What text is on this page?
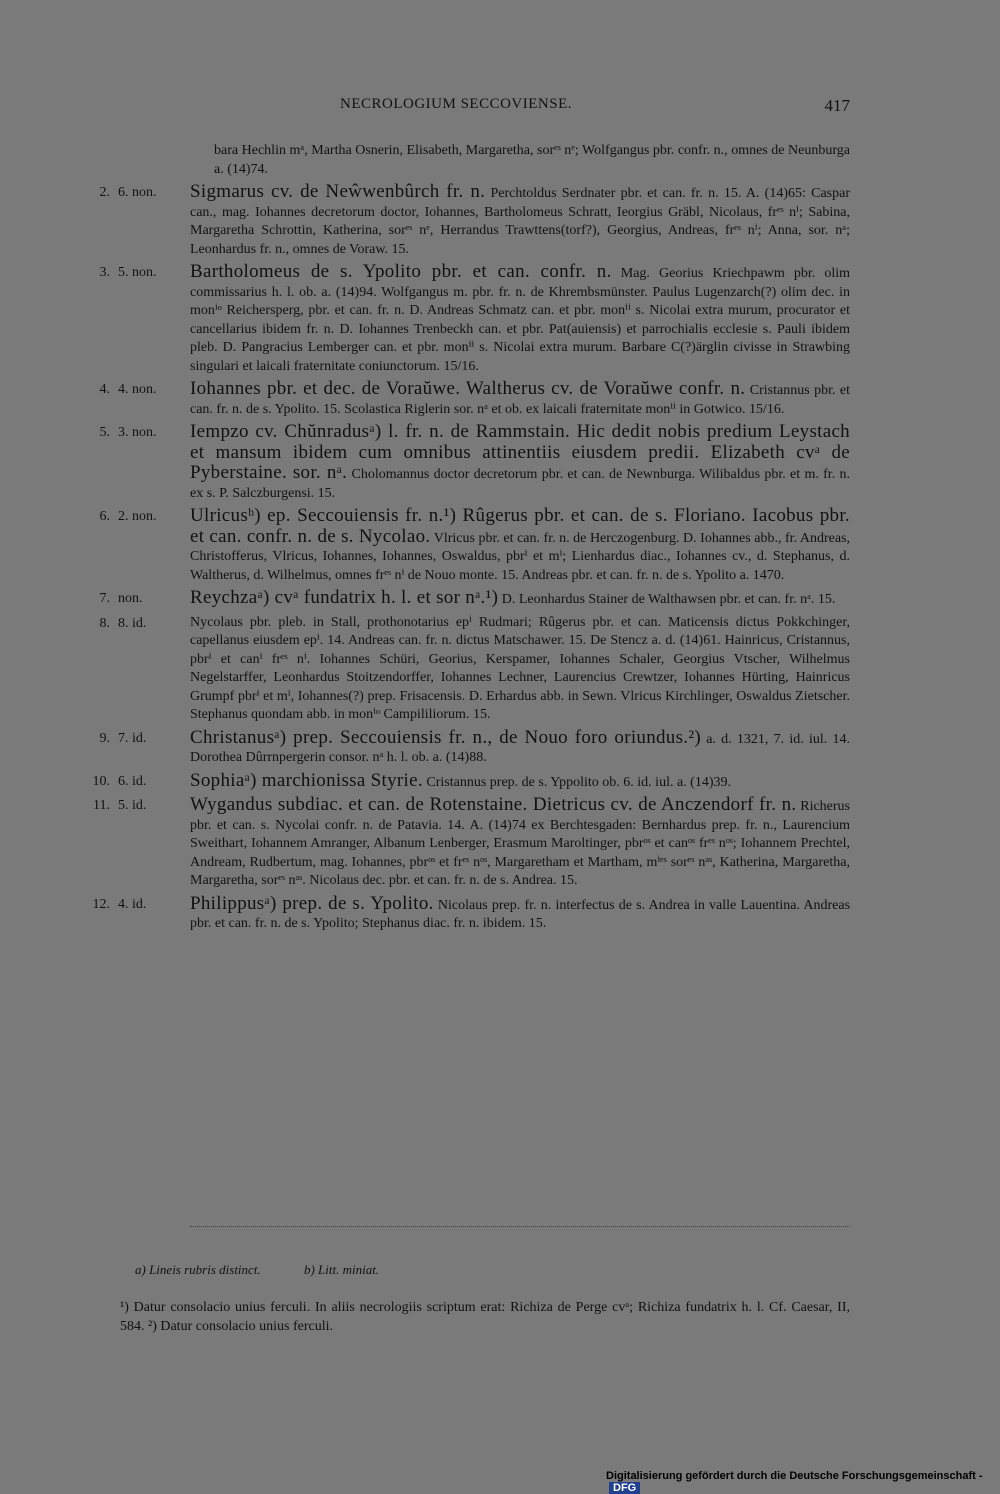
NECROLOGIUM SECCOVIENSE.	417
bara Hechlin mᵃ, Martha Osnerin, Elisabeth, Margaretha, sorᵉˢ nᵉ; Wolfgangus pbr. confr. n., omnes de Neunburga a. (14)74.
2. 6. non.	Sigmarus cv. de Neŵwenbûrch fr. n. Perchtoldus Serdnater pbr. et can. fr. n. 15. A. (14)65: Caspar can., mag. Iohannes decretorum doctor, Iohannes, Bartholomeus Schratt, Ieorgius Gräbl, Nicolaus, frᵉˢ nⁱ; Sabina, Margaretha Schrottin, Katherina, sorᵉˢ nᵉ, Herrandus Trawttens(torf?), Georgius, Andreas, frᵉˢ nⁱ; Anna, sor. nᵃ; Leonhardus fr. n., omnes de Voraw. 15.
3. 5. non.	Bartholomeus de s. Ypolito pbr. et can. confr. n. Mag. Georius Kriechpawm pbr. olim commissarius h. l. ob. a. (14)94. Wolfgangus m. pbr. fr. n. de Khrembsmünster. Paulus Lugenzarch(?) olim dec. in monⁱᵒ Reichersperg, pbr. et can. fr. n. D. Andreas Schmatz can. et pbr. monⁱⁱ s. Nicolai extra murum, procurator et cancellarius ibidem fr. n. D. Iohannes Trenbeckh can. et pbr. Pat(auiensis) et parrochialis ecclesie s. Pauli ibidem pleb. D. Pangracius Lemberger can. et pbr. monⁱⁱ s. Nicolai extra murum. Barbare C(?)ärglin civisse in Strawbing singulari et laicali fraternitate coniunctorum. 15/16.
4. 4. non.	Iohannes pbr. et dec. de Voraŭwe. Waltherus cv. de Voraŭwe confr. n. Cristannus pbr. et can. fr. n. de s. Ypolito. 15. Scolastica Riglerin sor. nᵃ et ob. ex laicali fraternitate monⁱⁱ in Gotwico. 15/16.
5. 3. non.	Iempzo cv. Chŭnradusᵃ) l. fr. n. de Rammstain. Hic dedit nobis predium Leystach et mansum ibidem cum omnibus attinentiis eiusdem predii. Elizabeth cvᵃ de Pyberstaine. sor. nᵃ. Cholomannus doctor decretorum pbr. et can. de Newnburga. Wilibaldus pbr. et m. fr. n. ex s. P. Salczburgensi. 15.
6. 2. non.	Ulricusᵇ) ep. Seccouiensis fr. n.¹) Rûgerus pbr. et can. de s. Floriano. Iacobus pbr. et can. confr. n. de s. Nycolao. Vlricus pbr. et can. fr. n. de Herczogenburg. D. Iohannes abb., fr. Andreas, Christofferus, Vlricus, Iohannes, Iohannes, Oswaldus, pbrⁱ et mⁱ; Lienhardus diac., Iohannes cv., d. Stephanus, d. Waltherus, d. Wilhelmus, omnes frᵉˢ nⁱ de Nouo monte. 15. Andreas pbr. et can. fr. n. de s. Ypolito a. 1470.
7. non.	Reychzaᵃ) cvᵃ fundatrix h. l. et sor nᵃ.¹) D. Leonhardus Stainer de Walthawsen pbr. et can. fr. nᵃ. 15.
8. 8. id.	Nycolaus pbr. pleb. in Stall, prothonotarius epⁱ Rudmari; Rûgerus pbr. et can. Maticensis dictus Pokkchinger, capellanus eiusdem epⁱ. 14. Andreas can. fr. n. dictus Matschawer. 15. De Stencz a. d. (14)61. Hainricus, Cristannus, pbrⁱ et canⁱ frᵉˢ nⁱ. Iohannes Schüri, Georius, Kerspamer, Iohannes Schaler, Georgius Vtscher, Wilhelmus Negelstarffer, Leonhardus Stoitzendorffer, Iohannes Lechner, Laurencius Crewtzer, Iohannes Hürting, Hainricus Grumpf pbrⁱ et mⁱ, Iohannes(?) prep. Frisacensis. D. Erhardus abb. in Sewn. Vlricus Kirchlinger, Oswaldus Zietscher. Stephanus quondam abb. in monⁱᵒ Campililiorum. 15.
9. 7. id.	Christanusᵃ) prep. Seccouiensis fr. n., de Nouo foro oriundus.²) a. d. 1321, 7. id. iul. 14. Dorothea Dûrrnpergerin consor. nᵃ h. l. ob. a. (14)88.
10. 6. id.	Sophiaᵃ) marchionissa Styrie. Cristannus prep. de s. Yppolito ob. 6. id. iul. a. (14)39.
11. 5. id.	Wygandus subdiac. et can. de Rotenstaine. Dietricus cv. de Anczendorf fr. n. Richerus pbr. et can. s. Nycolai confr. n. de Patavia. 14. A. (14)74 ex Berchtesgaden: Bernhardus prep. fr. n., Laurencium Sweithart, Iohannem Amranger, Albanum Lenberger, Erasmum Maroltinger, pbrᵒˢ et canᵒˢ frᵉˢ nᵒˢ; Iohannem Prechtel, Andream, Rudbertum, mag. Iohannes, pbrᵒˢ et frᵉˢ nᵒˢ, Margaretham et Martham, mⁱᵉˢ sorᵉˢ nᵃˢ, Katherina, Margaretha, Margaretha, sorᵉˢ nᵃˢ. Nicolaus dec. pbr. et can. fr. n. de s. Andrea. 15.
12. 4. id.	Philippusᵃ) prep. de s. Ypolito. Nicolaus prep. fr. n. interfectus de s. Andrea in valle Lauentina. Andreas pbr. et can. fr. n. de s. Ypolito; Stephanus diac. fr. n. ibidem. 15.
a) Lineis rubris distinct.	b) Litt. miniat.
¹) Datur consolacio unius ferculi. In aliis necrologiis scriptum erat: Richiza de Perge cvᵃ; Richiza fundatrix h. l. Cf. Caesar, II, 584. ²) Datur consolacio unius ferculi.
Digitalisierung gefördert durch die Deutsche Forschungsgemeinschaft -DFG
